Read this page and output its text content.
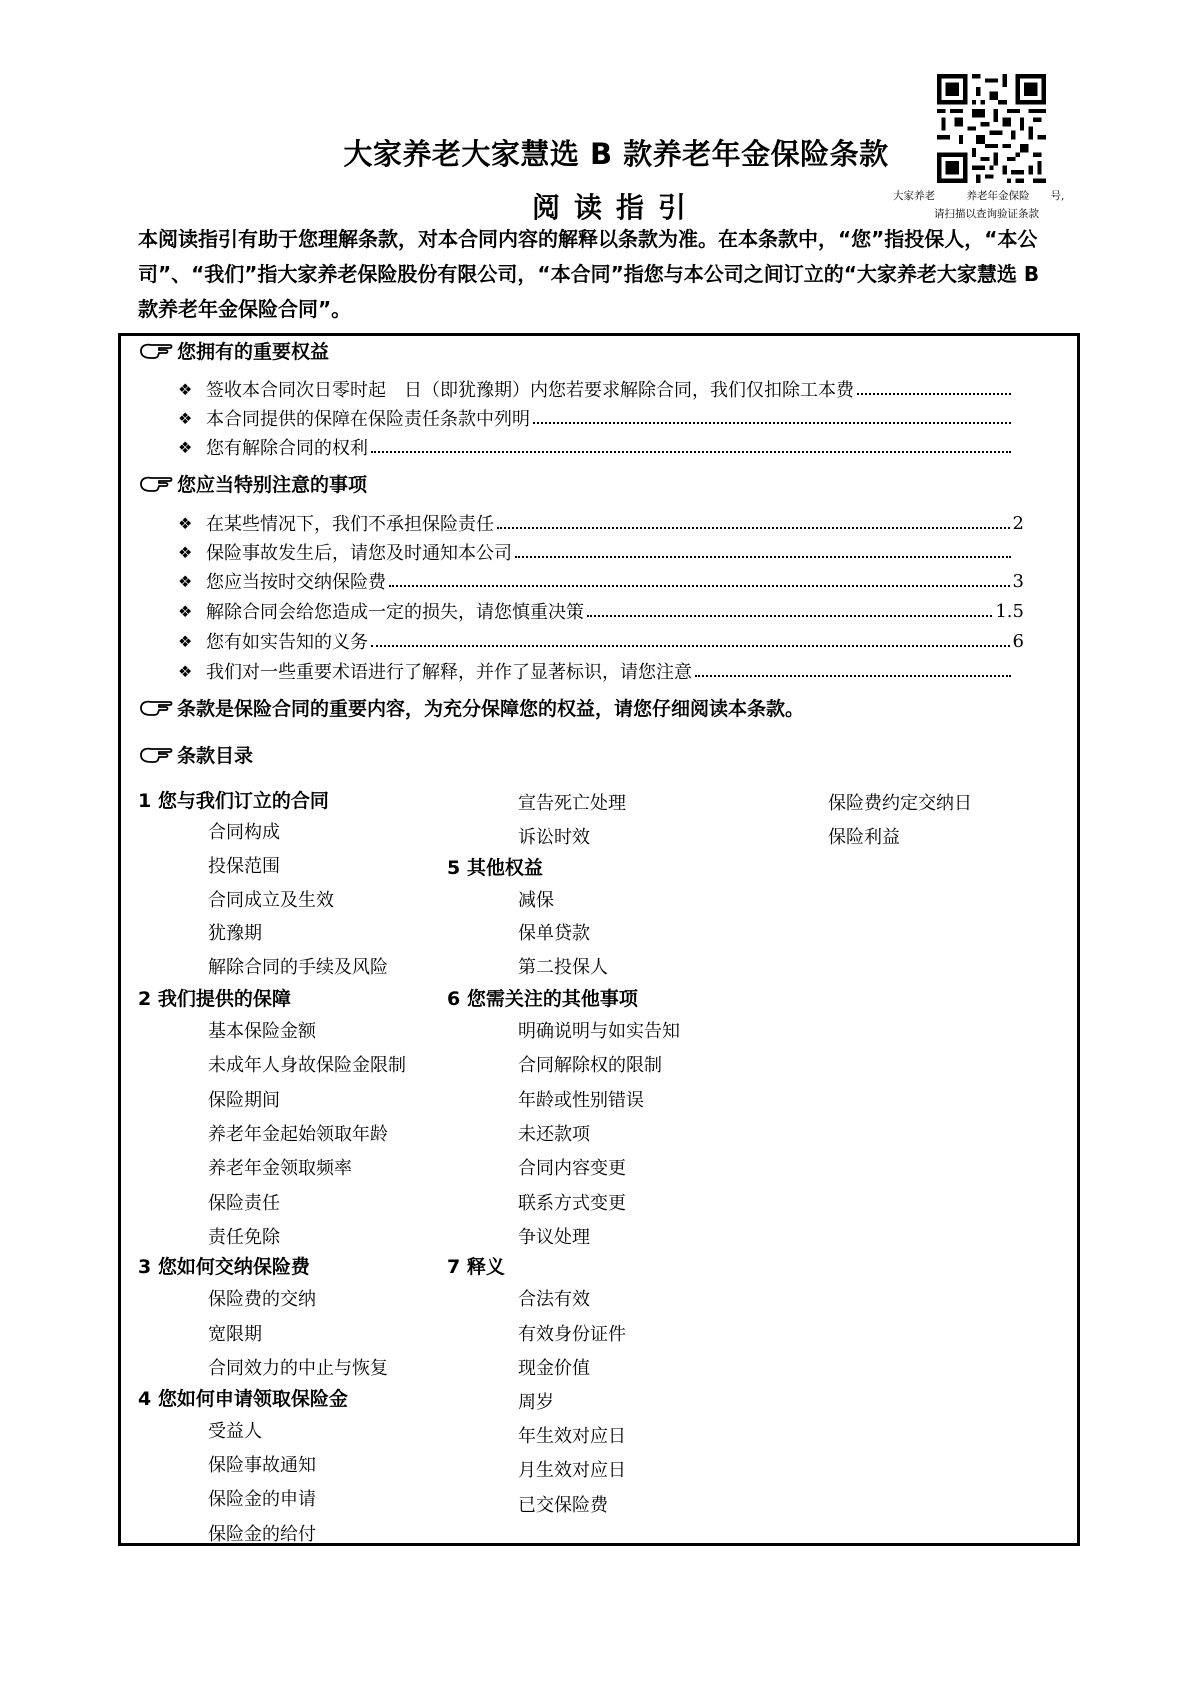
大家养老大家慧选 B 款养老年金保险条款
阅读指引	大家养老　　　养老年金保险　　号,
请扫描以查询验证条款
本阅读指引有助于您理解条款，对本合同内容的解释以条款为准。在本条款中，“您”指投保人，“本公司”、“我们”指大家养老保险股份有限公司，“本合同”指您与本公司之间订立的“大家养老大家慧选 B 款养老年金保险合同”。
您拥有的重要权益
❖ 签收本合同次日零时起　日（即犹豫期）内您若要求解除合同，我们仅扣除工本费
❖ 本合同提供的保障在保险责任条款中列明
❖ 您有解除合同的权利
您应当特别注意的事项
❖ 在某些情况下，我们不承担保险责任	2
❖ 保险事故发生后，请您及时通知本公司
❖ 您应当按时交纳保险费	3
❖ 解除合同会给您造成一定的损失，请您慎重决策	1.5
❖ 您有如实告知的义务	6
❖ 我们对一些重要术语进行了解释，并作了显著标识，请您注意
条款是保险合同的重要内容，为充分保障您的权益，请您仔细阅读本条款。
条款目录
1 您与我们订立的合同
合同构成
投保范围
合同成立及生效
犹豫期
解除合同的手续及风险
2 我们提供的保障
基本保险金额
未成年人身故保险金限制
保险期间
养老年金起始领取年龄
养老年金领取频率
保险责任
责任免除
3 您如何交纳保险费
保险费的交纳
宽限期
合同效力的中止与恢复
4 您如何申请领取保险金
受益人
保险事故通知
保险金的申请
保险金的给付
宣告死亡处理
诉讼时效
5 其他权益
减保
保单贷款
第二投保人
6 您需关注的其他事项
明确说明与如实告知
合同解除权的限制
年龄或性别错误
未还款项
合同内容变更
联系方式变更
争议处理
7 释义
合法有效
有效身份证件
现金价值
周岁
年生效对应日
月生效对应日
已交保险费
保险费约定交纳日
保险利益
